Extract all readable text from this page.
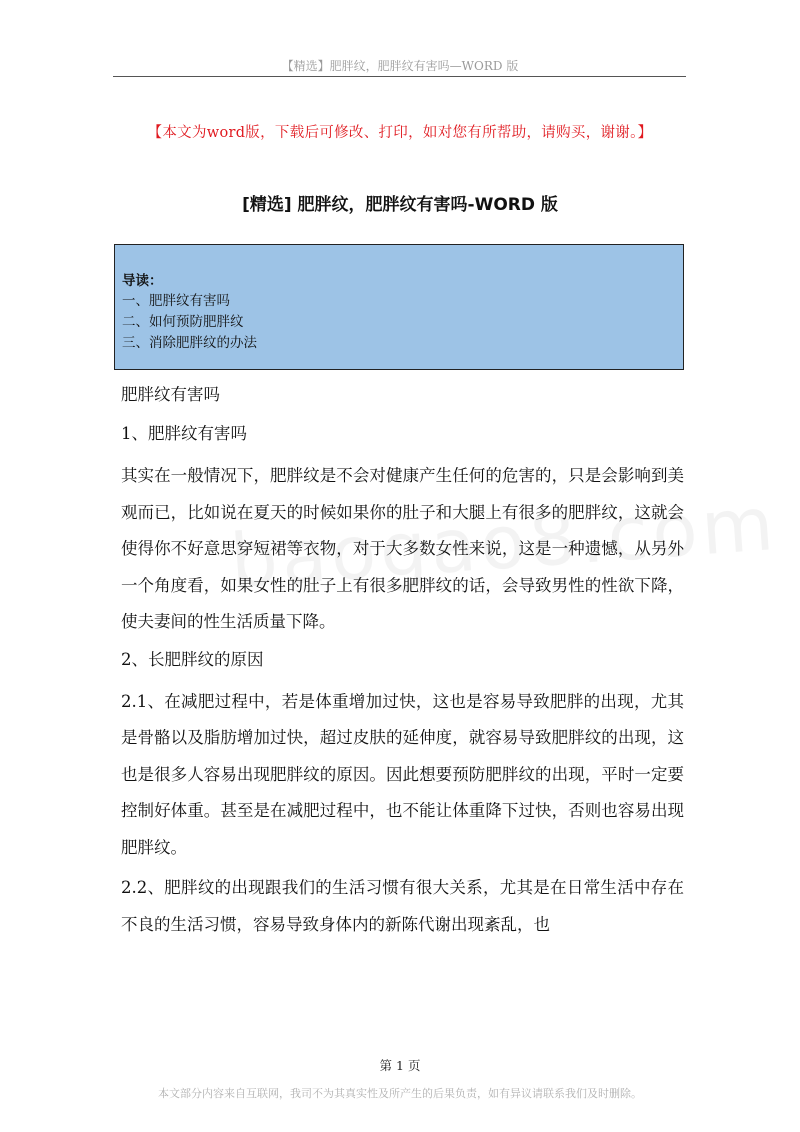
【精选】肥胖纹，肥胖纹有害吗—WORD 版
【本文为word版，下载后可修改、打印，如对您有所帮助，请购买，谢谢。】
[精选] 肥胖纹，肥胖纹有害吗-WORD 版
导读：
一、肥胖纹有害吗
二、如何预防肥胖纹
三、消除肥胖纹的办法
肥胖纹有害吗
1、肥胖纹有害吗
其实在一般情况下，肥胖纹是不会对健康产生任何的危害的，只是会影响到美观而已，比如说在夏天的时候如果你的肚子和大腿上有很多的肥胖纹，这就会使得你不好意思穿短裙等衣物，对于大多数女性来说，这是一种遗憾，从另外一个角度看，如果女性的肚子上有很多肥胖纹的话，会导致男性的性欲下降，使夫妻间的性生活质量下降。
2、长肥胖纹的原因
2.1、在减肥过程中，若是体重增加过快，这也是容易导致肥胖的出现，尤其是骨骼以及脂肪增加过快，超过皮肤的延伸度，就容易导致肥胖纹的出现，这也是很多人容易出现肥胖纹的原因。因此想要预防肥胖纹的出现，平时一定要控制好体重。甚至是在减肥过程中，也不能让体重降下过快，否则也容易出现肥胖纹。
2.2、肥胖纹的出现跟我们的生活习惯有很大关系，尤其是在日常生活中存在不良的生活习惯，容易导致身体内的新陈代谢出现紊乱，也
第 1 页
本文部分内容来自互联网，我司不为其真实性及所产生的后果负责，如有异议请联系我们及时删除。
